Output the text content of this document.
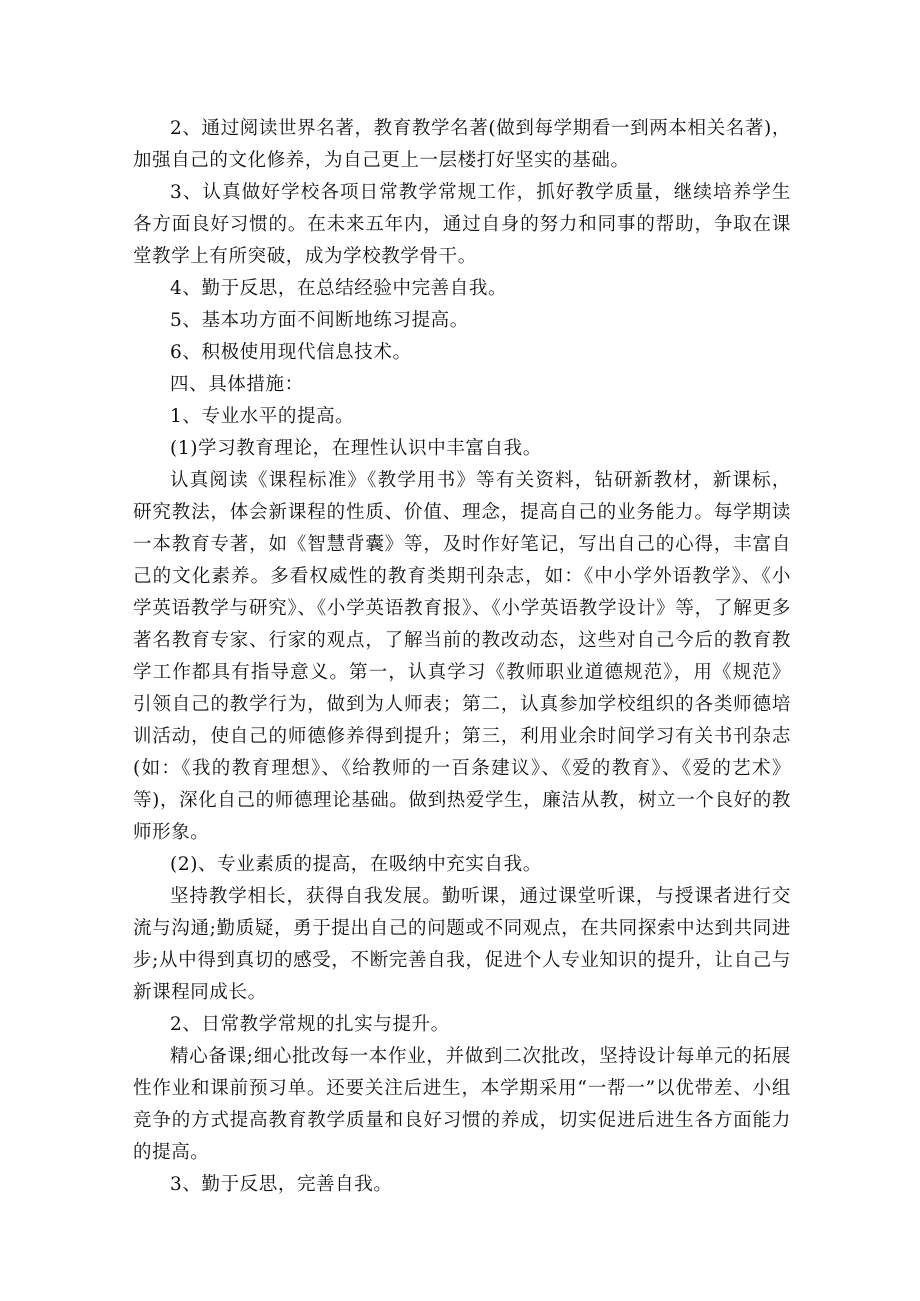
2、通过阅读世界名著，教育教学名著(做到每学期看一到两本相关名著)，加强自己的文化修养，为自己更上一层楼打好坚实的基础。

3、认真做好学校各项日常教学常规工作，抓好教学质量，继续培养学生各方面良好习惯的。在未来五年内，通过自身的努力和同事的帮助，争取在课堂教学上有所突破，成为学校教学骨干。

4、勤于反思，在总结经验中完善自我。

5、基本功方面不间断地练习提高。

6、积极使用现代信息技术。

四、具体措施：

1、专业水平的提高。

(1)学习教育理论，在理性认识中丰富自我。

认真阅读《课程标准》《教学用书》等有关资料，钻研新教材，新课标，研究教法，体会新课程的性质、价值、理念，提高自己的业务能力。每学期读一本教育专著，如《智慧背囊》等，及时作好笔记，写出自己的心得，丰富自己的文化素养。多看权威性的教育类期刊杂志，如：《中小学外语教学》、《小学英语教学与研究》、《小学英语教育报》、《小学英语教学设计》等，了解更多著名教育专家、行家的观点，了解当前的教改动态，这些对自己今后的教育教学工作都具有指导意义。第一，认真学习《教师职业道德规范》，用《规范》引领自己的教学行为，做到为人师表；第二，认真参加学校组织的各类师德培训活动，使自己的师德修养得到提升；第三，利用业余时间学习有关书刊杂志(如：《我的教育理想》、《给教师的一百条建议》、《爱的教育》、《爱的艺术》等)，深化自己的师德理论基础。做到热爱学生，廉洁从教，树立一个良好的教师形象。

(2)、专业素质的提高，在吸纳中充实自我。

坚持教学相长，获得自我发展。勤听课，通过课堂听课，与授课者进行交流与沟通;勤质疑，勇于提出自己的问题或不同观点，在共同探索中达到共同进步;从中得到真切的感受，不断完善自我，促进个人专业知识的提升，让自己与新课程同成长。

2、日常教学常规的扎实与提升。

精心备课;细心批改每一本作业，并做到二次批改，坚持设计每单元的拓展性作业和课前预习单。还要关注后进生，本学期采用“一帮一”以优带差、小组竞争的方式提高教育教学质量和良好习惯的养成，切实促进后进生各方面能力的提高。

3、勤于反思，完善自我。
